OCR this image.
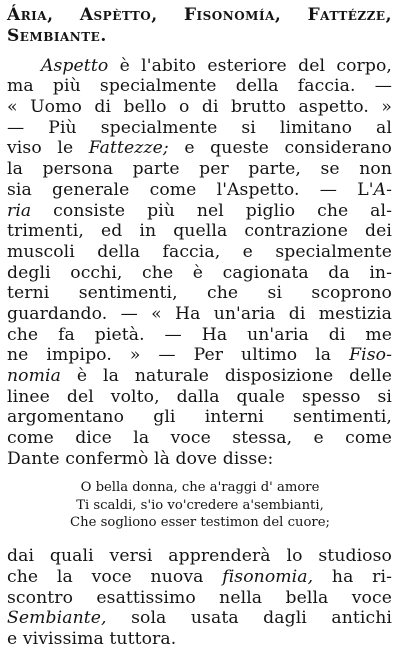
Ária, Aspètto, Fisonomía, Fattézze,
Sembiante.
Aspetto è l'abito esteriore del corpo,
ma più specialmente della faccia. —
« Uomo di bello o di brutto aspetto. »
— Più specialmente si limitano al
viso le Fattezze; e queste considerano
la persona parte per parte, se non
sia generale come l'Aspetto. — L'A-
ria consiste più nel piglio che al-
trimenti, ed in quella contrazione dei
muscoli della faccia, e specialmente
degli occhi, che è cagionata da in-
terni sentimenti, che si scoprono
guardando. — « Ha un'aria di mestizia
che fa pietà. — Ha un'aria di me
ne impipo. » — Per ultimo la Fiso-
nomia è la naturale disposizione delle
linee del volto, dalla quale spesso si
argomentano gli interni sentimenti,
come dice la voce stessa, e come
Dante confermò là dove disse:
O bella donna, che a'raggi d' amore
Ti scaldi, s'io vo'credere a'sembianti,
Che sogliono esser testimon del cuore;
dai quali versi apprenderà lo studioso
che la voce nuova fisonomia, ha ri-
scontro esattissimo nella bella voce
Sembiante, sola usata dagli antichi
e vivissima tuttora.
